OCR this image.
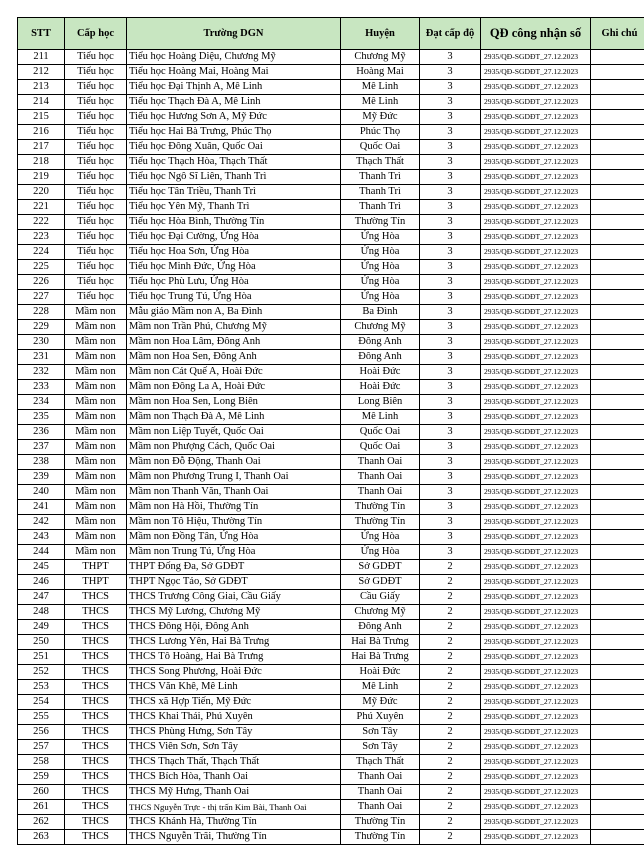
STT	Cấp học	Trường DGN	Huyện	Đạt cấp độ	QĐ công nhận số	Ghi chú
211	Tiểu học	Tiểu học Hoàng Diệu, Chương Mỹ	Chương Mỹ	3	2935/QĐ-SGDĐT_27.12.2023	
212	Tiểu học	Tiểu học Hoàng Mai, Hoàng Mai	Hoàng Mai	3	2935/QĐ-SGDĐT_27.12.2023	
213	Tiểu học	Tiểu học Đại Thịnh A, Mê Linh	Mê Linh	3	2935/QĐ-SGDĐT_27.12.2023	
214	Tiểu học	Tiểu học Thạch Đà A, Mê Linh	Mê Linh	3	2935/QĐ-SGDĐT_27.12.2023	
215	Tiểu học	Tiểu học Hương Sơn A, Mỹ Đức	Mỹ Đức	3	2935/QĐ-SGDĐT_27.12.2023	
216	Tiểu học	Tiểu học Hai Bà Trưng, Phúc Thọ	Phúc Thọ	3	2935/QĐ-SGDĐT_27.12.2023	
217	Tiểu học	Tiểu học Đông Xuân, Quốc Oai	Quốc Oai	3	2935/QĐ-SGDĐT_27.12.2023	
218	Tiểu học	Tiểu học Thạch Hòa, Thạch Thất	Thạch Thất	3	2935/QĐ-SGDĐT_27.12.2023	
219	Tiểu học	Tiểu học Ngô Sĩ Liên, Thanh Trì	Thanh Trì	3	2935/QĐ-SGDĐT_27.12.2023	
220	Tiểu học	Tiểu học Tân Triều, Thanh Trì	Thanh Trì	3	2935/QĐ-SGDĐT_27.12.2023	
221	Tiểu học	Tiểu học Yên Mỹ, Thanh Trì	Thanh Trì	3	2935/QĐ-SGDĐT_27.12.2023	
222	Tiểu học	Tiểu học Hòa Bình, Thường Tín	Thường Tín	3	2935/QĐ-SGDĐT_27.12.2023	
223	Tiểu học	Tiểu học Đại Cường, Ứng Hòa	Ứng Hòa	3	2935/QĐ-SGDĐT_27.12.2023	
224	Tiểu học	Tiểu học Hoa Sơn, Ứng Hòa	Ứng Hòa	3	2935/QĐ-SGDĐT_27.12.2023	
225	Tiểu học	Tiểu học Minh Đức, Ứng Hòa	Ứng Hòa	3	2935/QĐ-SGDĐT_27.12.2023	
226	Tiểu học	Tiểu học Phù Lưu, Ứng Hòa	Ứng Hòa	3	2935/QĐ-SGDĐT_27.12.2023	
227	Tiểu học	Tiểu học Trung Tú, Ứng Hòa	Ứng Hòa	3	2935/QĐ-SGDĐT_27.12.2023	
228	Mầm non	Mẫu giáo Mầm non A, Ba Đình	Ba Đình	3	2935/QĐ-SGDĐT_27.12.2023	
229	Mầm non	Mầm non Trần Phú, Chương Mỹ	Chương Mỹ	3	2935/QĐ-SGDĐT_27.12.2023	
230	Mầm non	Mầm non Hoa Lâm, Đông Anh	Đông Anh	3	2935/QĐ-SGDĐT_27.12.2023	
231	Mầm non	Mầm non Hoa Sen, Đông Anh	Đông Anh	3	2935/QĐ-SGDĐT_27.12.2023	
232	Mầm non	Mầm non Cát Quế A, Hoài Đức	Hoài Đức	3	2935/QĐ-SGDĐT_27.12.2023	
233	Mầm non	Mầm non Đông La A, Hoài Đức	Hoài Đức	3	2935/QĐ-SGDĐT_27.12.2023	
234	Mầm non	Mầm non Hoa Sen, Long Biên	Long Biên	3	2935/QĐ-SGDĐT_27.12.2023	
235	Mầm non	Mầm non Thạch Đà A, Mê Linh	Mê Linh	3	2935/QĐ-SGDĐT_27.12.2023	
236	Mầm non	Mầm non Liệp Tuyết, Quốc Oai	Quốc Oai	3	2935/QĐ-SGDĐT_27.12.2023	
237	Mầm non	Mầm non Phượng Cách, Quốc Oai	Quốc Oai	3	2935/QĐ-SGDĐT_27.12.2023	
238	Mầm non	Mầm non Đỗ Động, Thanh Oai	Thanh Oai	3	2935/QĐ-SGDĐT_27.12.2023	
239	Mầm non	Mầm non Phương Trung I, Thanh Oai	Thanh Oai	3	2935/QĐ-SGDĐT_27.12.2023	
240	Mầm non	Mầm non Thanh Văn, Thanh Oai	Thanh Oai	3	2935/QĐ-SGDĐT_27.12.2023	
241	Mầm non	Mầm non Hà Hồi, Thường Tín	Thường Tín	3	2935/QĐ-SGDĐT_27.12.2023	
242	Mầm non	Mầm non Tô Hiệu, Thường Tín	Thường Tín	3	2935/QĐ-SGDĐT_27.12.2023	
243	Mầm non	Mầm non Đồng Tân, Ứng Hòa	Ứng Hòa	3	2935/QĐ-SGDĐT_27.12.2023	
244	Mầm non	Mầm non Trung Tú, Ứng Hòa	Ứng Hòa	3	2935/QĐ-SGDĐT_27.12.2023	
245	THPT	THPT Đống Đa, Sở GDĐT	Sở GDĐT	2	2935/QĐ-SGDĐT_27.12.2023	
246	THPT	THPT Ngọc Tảo, Sở GDĐT	Sở GDĐT	2	2935/QĐ-SGDĐT_27.12.2023	
247	THCS	THCS Trương Công Giai, Cầu Giấy	Cầu Giấy	2	2935/QĐ-SGDĐT_27.12.2023	
248	THCS	THCS Mỹ Lương, Chương Mỹ	Chương Mỹ	2	2935/QĐ-SGDĐT_27.12.2023	
249	THCS	THCS Đông Hội, Đông Anh	Đông Anh	2	2935/QĐ-SGDĐT_27.12.2023	
250	THCS	THCS Lương Yên, Hai Bà Trưng	Hai Bà Trưng	2	2935/QĐ-SGDĐT_27.12.2023	
251	THCS	THCS Tô Hoàng, Hai Bà Trưng	Hai Bà Trưng	2	2935/QĐ-SGDĐT_27.12.2023	
252	THCS	THCS Song Phương, Hoài Đức	Hoài Đức	2	2935/QĐ-SGDĐT_27.12.2023	
253	THCS	THCS Văn Khê, Mê Linh	Mê Linh	2	2935/QĐ-SGDĐT_27.12.2023	
254	THCS	THCS xã Hợp Tiến, Mỹ Đức	Mỹ Đức	2	2935/QĐ-SGDĐT_27.12.2023	
255	THCS	THCS Khai Thái, Phú Xuyên	Phú Xuyên	2	2935/QĐ-SGDĐT_27.12.2023	
256	THCS	THCS Phùng Hưng, Sơn Tây	Sơn Tây	2	2935/QĐ-SGDĐT_27.12.2023	
257	THCS	THCS Viên Sơn, Sơn Tây	Sơn Tây	2	2935/QĐ-SGDĐT_27.12.2023	
258	THCS	THCS Thạch Thất, Thạch Thất	Thạch Thất	2	2935/QĐ-SGDĐT_27.12.2023	
259	THCS	THCS Bích Hòa, Thanh Oai	Thanh Oai	2	2935/QĐ-SGDĐT_27.12.2023	
260	THCS	THCS Mỹ Hưng, Thanh Oai	Thanh Oai	2	2935/QĐ-SGDĐT_27.12.2023	
261	THCS	THCS Nguyễn Trực - thị trấn Kim Bài, Thanh Oai	Thanh Oai	2	2935/QĐ-SGDĐT_27.12.2023	
262	THCS	THCS Khánh Hà, Thường Tín	Thường Tín	2	2935/QĐ-SGDĐT_27.12.2023	
263	THCS	THCS Nguyễn Trãi, Thường Tín	Thường Tín	2	2935/QĐ-SGDĐT_27.12.2023	
